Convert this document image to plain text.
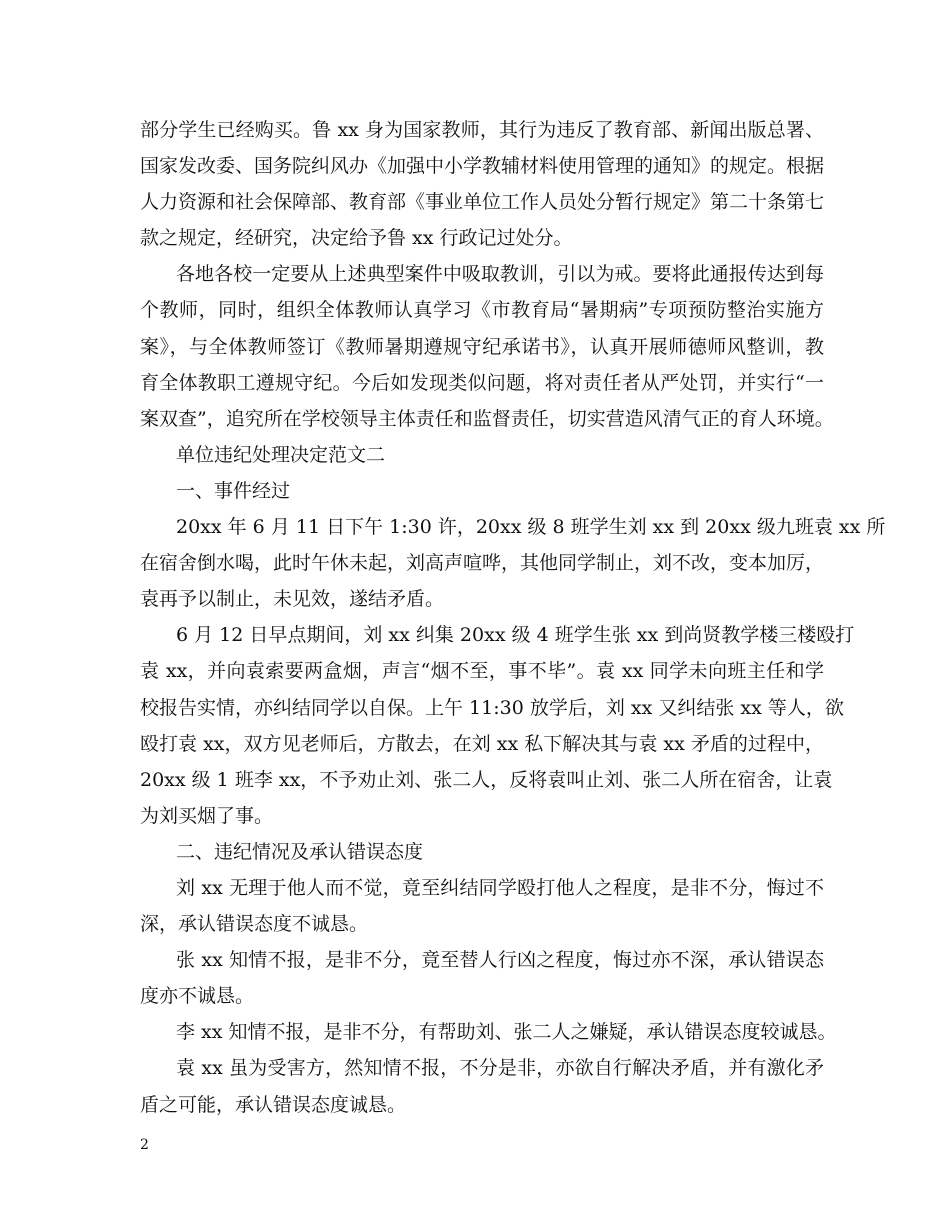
部分学生已经购买。鲁 xx 身为国家教师，其行为违反了教育部、新闻出版总署、
国家发改委、国务院纠风办《加强中小学教辅材料使用管理的通知》的规定。根据
人力资源和社会保障部、教育部《事业单位工作人员处分暂行规定》第二十条第七
款之规定，经研究，决定给予鲁 xx 行政记过处分。
各地各校一定要从上述典型案件中吸取教训，引以为戒。要将此通报传达到每
个教师，同时，组织全体教师认真学习《市教育局“暑期病”专项预防整治实施方
案》，与全体教师签订《教师暑期遵规守纪承诺书》，认真开展师德师风整训，教
育全体教职工遵规守纪。今后如发现类似问题，将对责任者从严处罚，并实行“一
案双查”，追究所在学校领导主体责任和监督责任，切实营造风清气正的育人环境。
单位违纪处理决定范文二
一、事件经过
20xx 年 6 月 11 日下午 1:30 许，20xx 级 8 班学生刘 xx 到 20xx 级九班袁 xx 所
在宿舍倒水喝，此时午休未起，刘高声喧哗，其他同学制止，刘不改，变本加厉，
袁再予以制止，未见效，遂结矛盾。
6 月 12 日早点期间，刘 xx 纠集 20xx 级 4 班学生张 xx 到尚贤教学楼三楼殴打
袁 xx，并向袁索要两盒烟，声言“烟不至，事不毕”。袁 xx 同学未向班主任和学
校报告实情，亦纠结同学以自保。上午 11:30 放学后，刘 xx 又纠结张 xx 等人，欲
殴打袁 xx，双方见老师后，方散去，在刘 xx 私下解决其与袁 xx 矛盾的过程中，
20xx 级 1 班李 xx，不予劝止刘、张二人，反将袁叫止刘、张二人所在宿舍，让袁
为刘买烟了事。
二、违纪情况及承认错误态度
刘 xx 无理于他人而不觉，竟至纠结同学殴打他人之程度，是非不分，悔过不
深，承认错误态度不诚恳。
张 xx 知情不报，是非不分，竟至替人行凶之程度，悔过亦不深，承认错误态
度亦不诚恳。
李 xx 知情不报，是非不分，有帮助刘、张二人之嫌疑，承认错误态度较诚恳。
袁 xx 虽为受害方，然知情不报，不分是非，亦欲自行解决矛盾，并有激化矛
盾之可能，承认错误态度诚恳。
2
